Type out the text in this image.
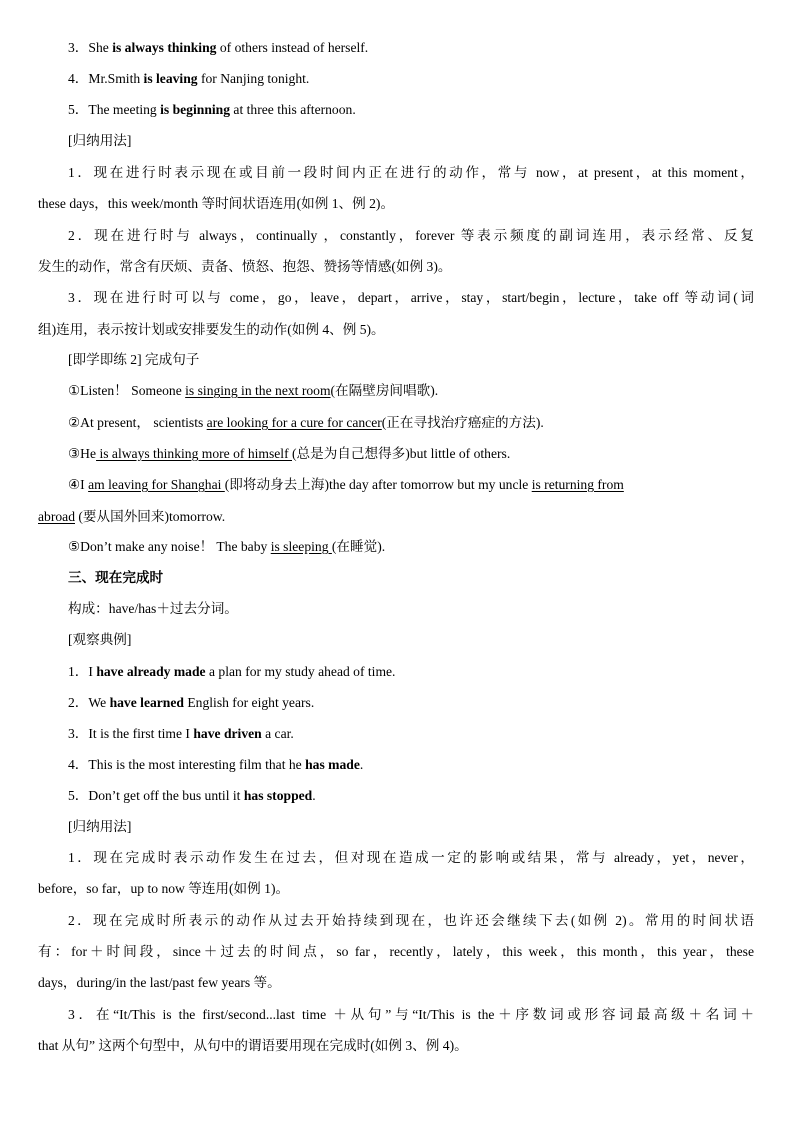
3．She is always thinking of others instead of herself.
4．Mr.Smith is leaving for Nanjing tonight.
5．The meeting is beginning at three this afternoon.
[归纳用法]
1．现在进行时表示现在或目前一段时间内正在进行的动作，常与 now，at present，at this moment，
these days，this week/month 等时间状语连用(如例 1、例 2)。
2．现在进行时与 always，continually ，constantly，forever 等表示频度的副词连用，表示经常、反复
发生的动作，常含有厌烦、责备、愤怒、抱怨、赞扬等情感(如例 3)。
3．现在进行时可以与 come，go，leave，depart，arrive，stay，start/begin，lecture，take off 等动词(词
组)连用，表示按计划或安排要发生的动作(如例 4、例 5)。
[即学即练 2] 完成句子
①Listen！ Someone is singing in the next room(在隔壁房间唱歌).
②At present， scientists are looking for a cure for cancer(正在寻找治疗癌症的方法).
③He is always thinking more of himself (总是为自己想得多)but little of others.
④I am leaving for Shanghai (即将动身去上海)the day after tomorrow but my uncle is returning from
abroad (要从国外回来)tomorrow.
⑤Don’t make any noise！ The baby is sleeping (在睡觉).
三、现在完成时
构成：have/has＋过去分词。
[观察典例]
1．I have already made a plan for my study ahead of time.
2．We have learned English for eight years.
3．It is the first time I have driven a car.
4．This is the most interesting film that he has made.
5．Don’t get off the bus until it has stopped.
[归纳用法]
1．现在完成时表示动作发生在过去，但对现在造成一定的影响或结果，常与 already，yet，never，
before，so far，up to now 等连用(如例 1)。
2．现在完成时所表示的动作从过去开始持续到现在，也许还会继续下去(如例 2)。常用的时间状语
有：for＋时间段，since＋过去的时间点，so far，recently，lately，this week，this month，this year，these
days，during/in the last/past few years 等。
3．在“It/This is the first/second...last time ＋从句”与“It/This is the＋序数词或形容词最高级＋名词＋
that 从句” 这两个句型中，从句中的谓语要用现在完成时(如例 3、例 4)。
